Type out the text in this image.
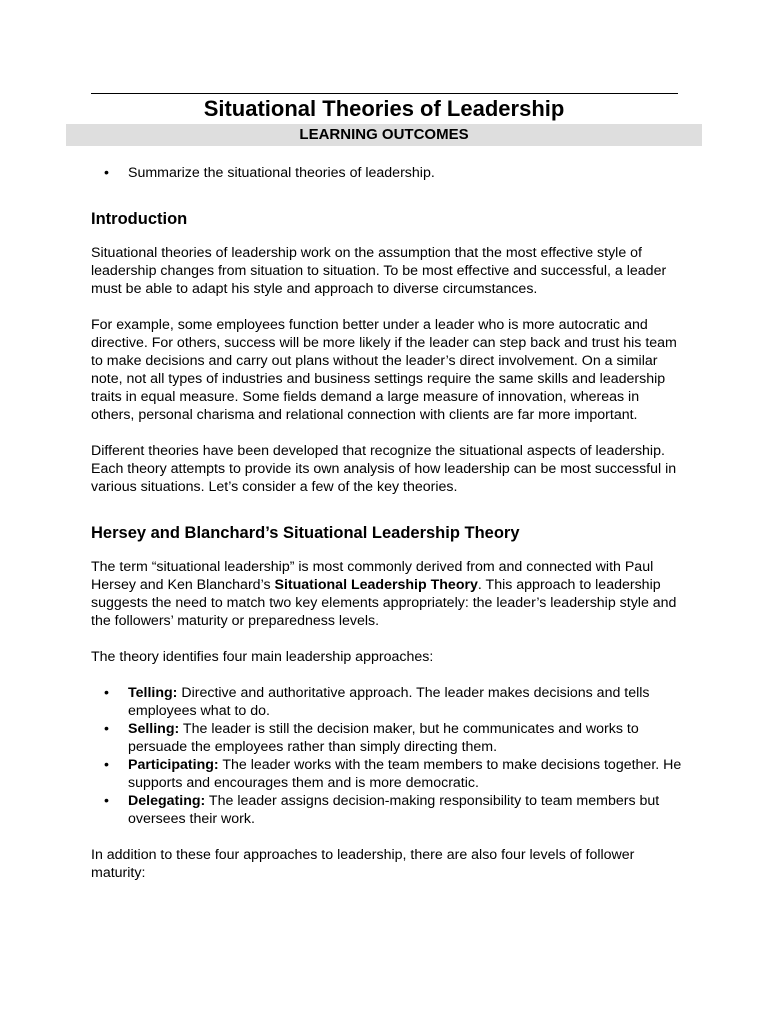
Situational Theories of Leadership
LEARNING OUTCOMES
• Summarize the situational theories of leadership.
Introduction

Situational theories of leadership work on the assumption that the most effective style of leadership changes from situation to situation. To be most effective and successful, a leader must be able to adapt his style and approach to diverse circumstances.

For example, some employees function better under a leader who is more autocratic and directive. For others, success will be more likely if the leader can step back and trust his team to make decisions and carry out plans without the leader’s direct involvement. On a similar note, not all types of industries and business settings require the same skills and leadership traits in equal measure. Some fields demand a large measure of innovation, whereas in others, personal charisma and relational connection with clients are far more important.

Different theories have been developed that recognize the situational aspects of leadership. Each theory attempts to provide its own analysis of how leadership can be most successful in various situations. Let’s consider a few of the key theories.

Hersey and Blanchard’s Situational Leadership Theory

The term “situational leadership” is most commonly derived from and connected with Paul Hersey and Ken Blanchard’s Situational Leadership Theory. This approach to leadership suggests the need to match two key elements appropriately: the leader’s leadership style and the followers’ maturity or preparedness levels.

The theory identifies four main leadership approaches:

• Telling: Directive and authoritative approach. The leader makes decisions and tells employees what to do.
• Selling: The leader is still the decision maker, but he communicates and works to persuade the employees rather than simply directing them.
• Participating: The leader works with the team members to make decisions together. He supports and encourages them and is more democratic.
• Delegating: The leader assigns decision-making responsibility to team members but oversees their work.

In addition to these four approaches to leadership, there are also four levels of follower maturity:
